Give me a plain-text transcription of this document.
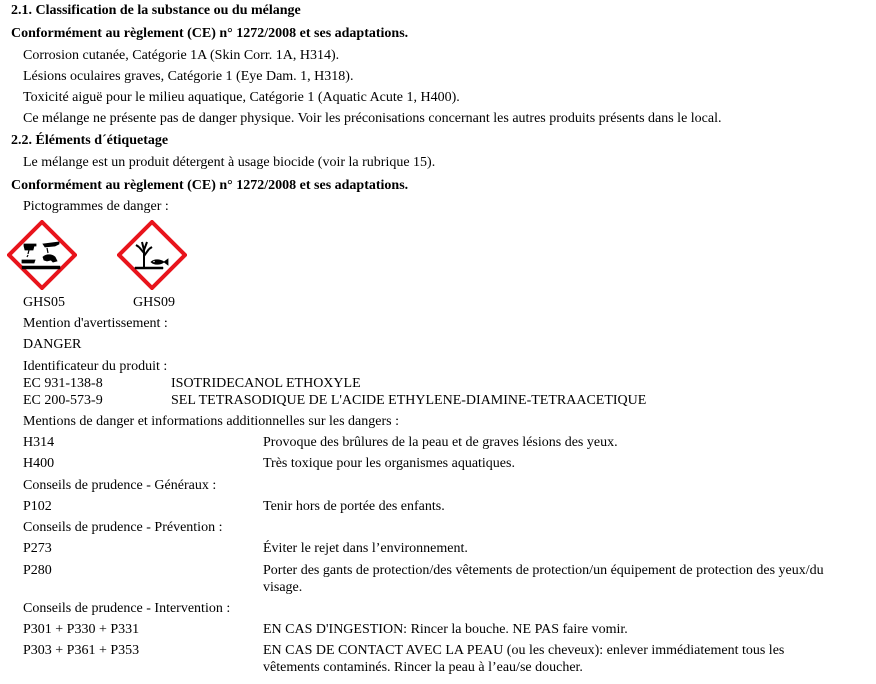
2.1. Classification de la substance ou du mélange
Conformément au règlement (CE) n° 1272/2008 et ses adaptations.
Corrosion cutanée, Catégorie 1A (Skin Corr. 1A, H314).
Lésions oculaires graves, Catégorie 1 (Eye Dam. 1, H318).
Toxicité aiguë pour le milieu aquatique, Catégorie 1 (Aquatic Acute 1, H400).
Ce mélange ne présente pas de danger physique. Voir les préconisations concernant les autres produits présents dans le local.
2.2. Éléments d´étiquetage
Le mélange est un produit détergent à usage biocide (voir la rubrique 15).
Conformément au règlement (CE) n° 1272/2008 et ses adaptations.
Pictogrammes de danger :
GHS05	GHS09
Mention d'avertissement :
DANGER
Identificateur du produit :
EC 931-138-8	ISOTRIDECANOL ETHOXYLE
EC 200-573-9	SEL TETRASODIQUE DE L'ACIDE ETHYLENE-DIAMINE-TETRAACETIQUE
Mentions de danger et informations additionnelles sur les dangers :
H314	Provoque des brûlures de la peau et de graves lésions des yeux.
H400	Très toxique pour les organismes aquatiques.
Conseils de prudence - Généraux :
P102	Tenir hors de portée des enfants.
Conseils de prudence - Prévention :
P273	Éviter le rejet dans l’environnement.
P280	Porter des gants de protection/des vêtements de protection/un équipement de protection des yeux/du
visage.
Conseils de prudence - Intervention :
P301 + P330 + P331	EN CAS D'INGESTION: Rincer la bouche. NE PAS faire vomir.
P303 + P361 + P353	EN CAS DE CONTACT AVEC LA PEAU (ou les cheveux): enlever immédiatement tous les
vêtements contaminés. Rincer la peau à l’eau/se doucher.
